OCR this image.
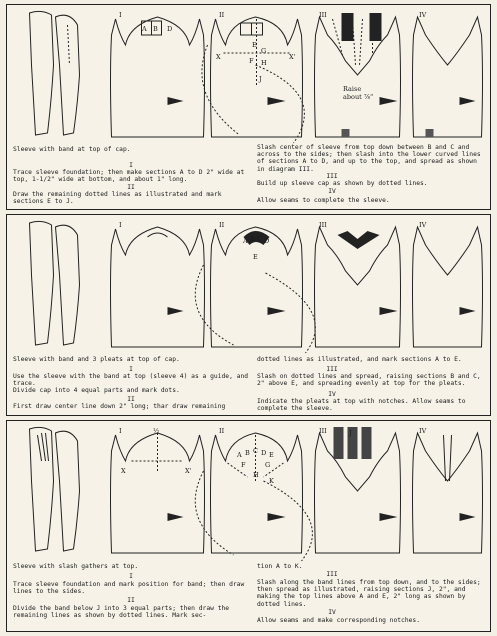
I	II	III	IV
A B D
E
F
G
H
J
X	X'
Raise
about ⅞"
Sleeve with band at top of cap.
I
Trace sleeve foundation; then make sections A to D 2" wide at top, 1-1/2" wide at bottom, and about 1" long.
II
Draw the remaining dotted lines as illustrated and mark sections E to J.
Slash center of sleeve from top down between B and C and across to the sides; then slash into the lower curved lines of sections A to D, and up to the top, and spread as shown in diagram III.
III
Build up sleeve cap as shown by dotted lines.
IV
Allow seams to complete the sleeve.
I	II	III	IV
A B C D
E
Sleeve with band and 3 pleats at top of cap.
I
Use the sleeve with the band at top (sleeve 4) as a guide, and trace.
Divide cap into 4 equal parts and mark dots.
II
First draw center line down 2" long; thar draw remaining
dotted lines as illustrated, and mark sections A to E.
III
Slash on dotted lines and spread, raising sections B and C, 2" above E, and spreading evenly at top for the pleats.
IV
Indicate the pleats at top with notches. Allow seams to complete the sleeve.
I	II	III	IV
½
X	X'
A B C D E
F	G
H
J
K
Sleeve with slash gathers at top.
I
Trace sleeve foundation and mark position for band; then draw lines to the sides.
II
Divide the band below J into 3 equal parts; then draw the remaining lines as shown by dotted lines. Mark sec-
tion A to K.
III
Slash along the band lines from top down, and to the sides; then spread as illustrated, raising sections J, 2", and making the top lines above A and E, 2" long as shown by dotted lines.
IV
Allow seams and make corresponding notches.
